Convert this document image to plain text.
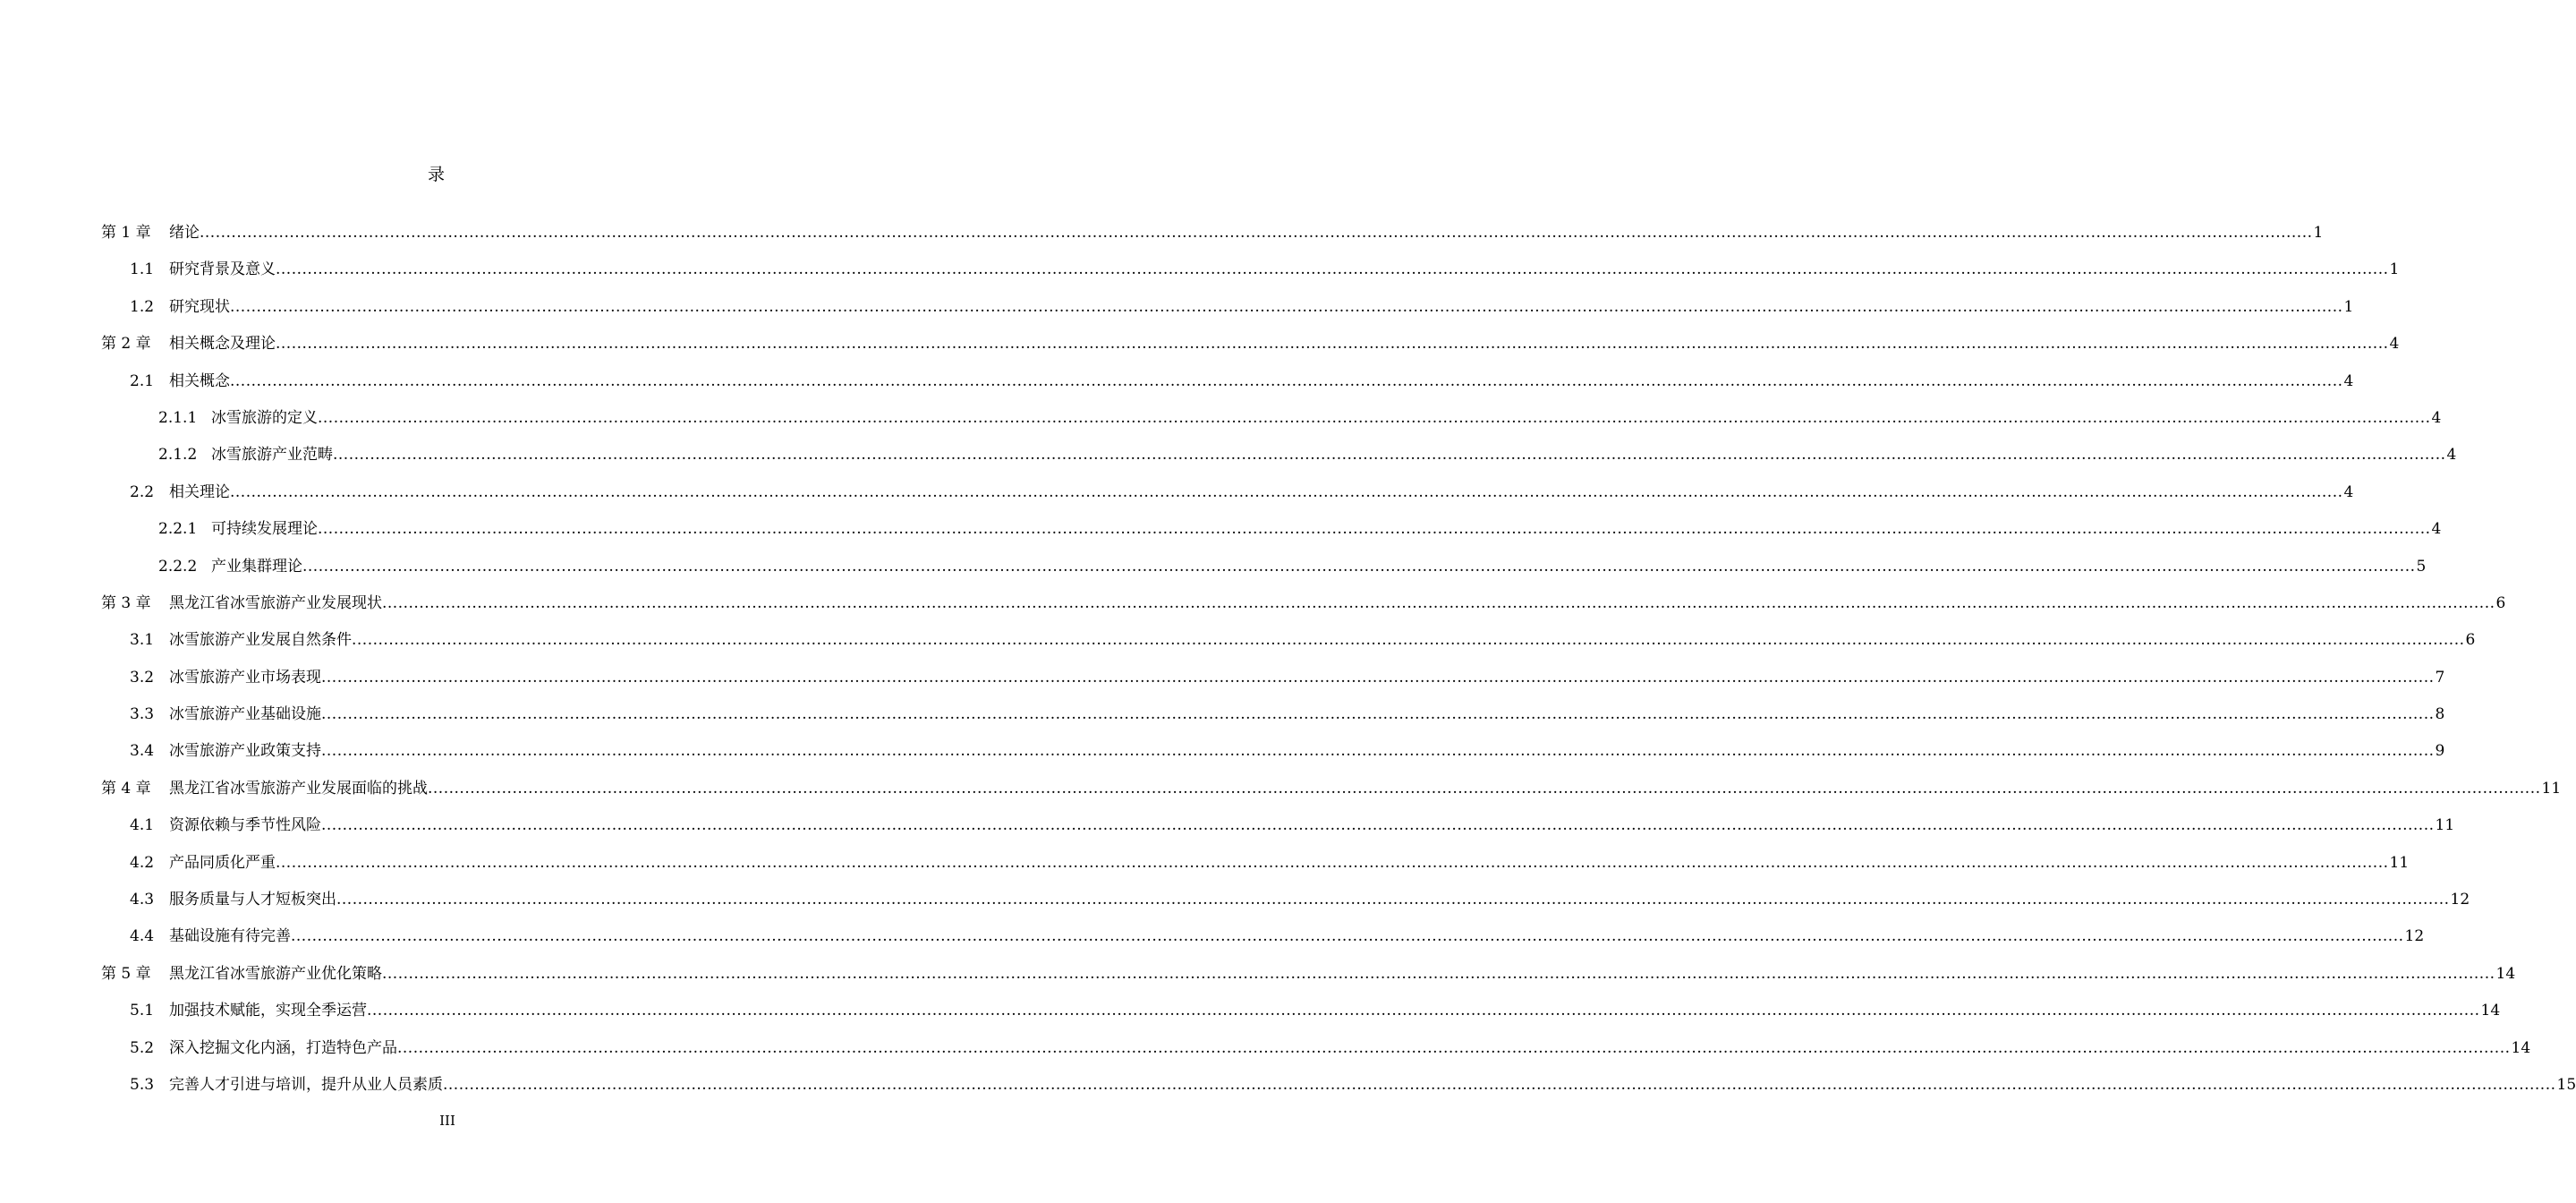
录
第 1 章 绪论 ................................................................................................................................................................................................................................................................................................................................................................................................................ 1
1.1 研究背景及意义 ................................................................................................................................................................................................................................................................................................................................................................................................................ 1
1.2 研究现状 ................................................................................................................................................................................................................................................................................................................................................................................................................ 1
第 2 章 相关概念及理论 ................................................................................................................................................................................................................................................................................................................................................................................................................ 4
2.1 相关概念 ................................................................................................................................................................................................................................................................................................................................................................................................................ 4
2.1.1 冰雪旅游的定义 ................................................................................................................................................................................................................................................................................................................................................................................................................ 4
2.1.2 冰雪旅游产业范畴 ................................................................................................................................................................................................................................................................................................................................................................................................................ 4
2.2 相关理论 ................................................................................................................................................................................................................................................................................................................................................................................................................ 4
2.2.1 可持续发展理论 ................................................................................................................................................................................................................................................................................................................................................................................................................ 4
2.2.2 产业集群理论 ................................................................................................................................................................................................................................................................................................................................................................................................................ 5
第 3 章 黑龙江省冰雪旅游产业发展现状 ................................................................................................................................................................................................................................................................................................................................................................................................................ 6
3.1 冰雪旅游产业发展自然条件 ................................................................................................................................................................................................................................................................................................................................................................................................................ 6
3.2 冰雪旅游产业市场表现 ................................................................................................................................................................................................................................................................................................................................................................................................................ 7
3.3 冰雪旅游产业基础设施 ................................................................................................................................................................................................................................................................................................................................................................................................................ 8
3.4 冰雪旅游产业政策支持 ................................................................................................................................................................................................................................................................................................................................................................................................................ 9
第 4 章 黑龙江省冰雪旅游产业发展面临的挑战 ................................................................................................................................................................................................................................................................................................................................................................................................................ 11
4.1 资源依赖与季节性风险 ................................................................................................................................................................................................................................................................................................................................................................................................................ 11
4.2 产品同质化严重 ................................................................................................................................................................................................................................................................................................................................................................................................................ 11
4.3 服务质量与人才短板突出 ................................................................................................................................................................................................................................................................................................................................................................................................................ 12
4.4 基础设施有待完善 ................................................................................................................................................................................................................................................................................................................................................................................................................ 12
第 5 章 黑龙江省冰雪旅游产业优化策略 ................................................................................................................................................................................................................................................................................................................................................................................................................ 14
5.1 加强技术赋能，实现全季运营 ................................................................................................................................................................................................................................................................................................................................................................................................................ 14
5.2 深入挖掘文化内涵，打造特色产品 ................................................................................................................................................................................................................................................................................................................................................................................................................ 14
5.3 完善人才引进与培训，提升从业人员素质 ................................................................................................................................................................................................................................................................................................................................................................................................................ 15
III
